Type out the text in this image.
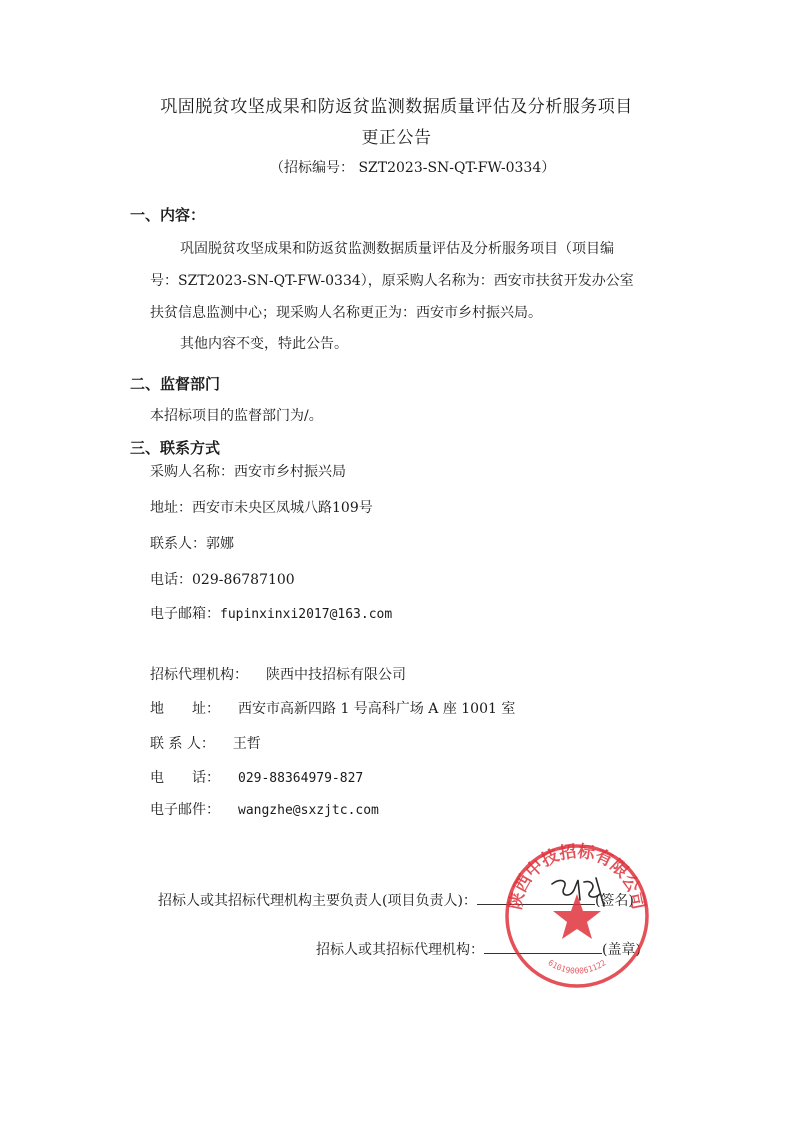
巩固脱贫攻坚成果和防返贫监测数据质量评估及分析服务项目
更正公告
（招标编号： SZT2023-SN-QT-FW-0334）
一、内容：
巩固脱贫攻坚成果和防返贫监测数据质量评估及分析服务项目（项目编
号：SZT2023-SN-QT-FW-0334），原采购人名称为：西安市扶贫开发办公室
扶贫信息监测中心；现采购人名称更正为：西安市乡村振兴局。
其他内容不变，特此公告。
二、监督部门
本招标项目的监督部门为/。
三、联系方式
采购人名称：西安市乡村振兴局
地址：西安市未央区凤城八路109号
联系人：郭娜
电话：029-86787100
电子邮箱：fupinxinxi2017@163.com
招标代理机构： 陕西中技招标有限公司
地　　址： 西安市高新四路 1 号高科广场 A 座 1001 室
联 系 人： 王哲
电　　话： 029-88364979-827
电子邮件： wangzhe@sxzjtc.com
招标人或其招标代理机构主要负责人(项目负责人)：	(签名)
招标人或其招标代理机构：	(盖章)
陕西中技招标有限公司
6101900061122
